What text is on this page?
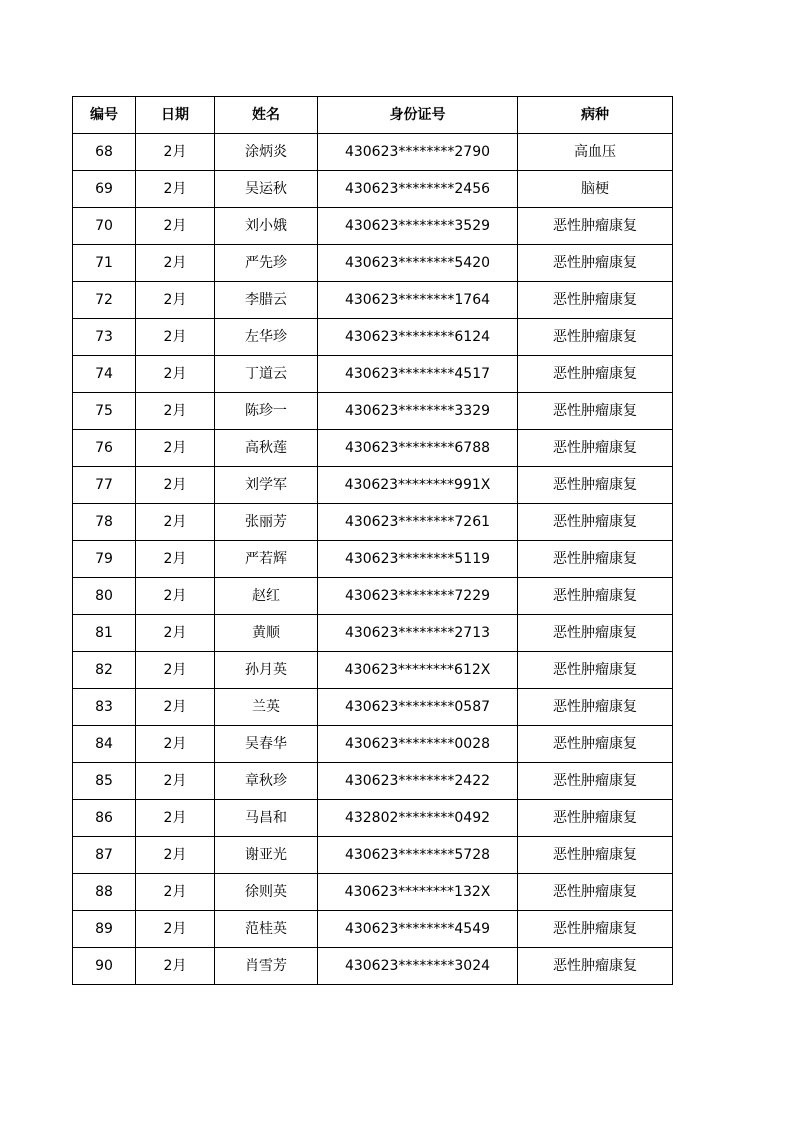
编号	日期	姓名	身份证号	病种
68	2月	涂炳炎	430623********2790	高血压
69	2月	吴运秋	430623********2456	脑梗
70	2月	刘小娥	430623********3529	恶性肿瘤康复
71	2月	严先珍	430623********5420	恶性肿瘤康复
72	2月	李腊云	430623********1764	恶性肿瘤康复
73	2月	左华珍	430623********6124	恶性肿瘤康复
74	2月	丁道云	430623********4517	恶性肿瘤康复
75	2月	陈珍一	430623********3329	恶性肿瘤康复
76	2月	高秋莲	430623********6788	恶性肿瘤康复
77	2月	刘学军	430623********991X	恶性肿瘤康复
78	2月	张丽芳	430623********7261	恶性肿瘤康复
79	2月	严若辉	430623********5119	恶性肿瘤康复
80	2月	赵红	430623********7229	恶性肿瘤康复
81	2月	黄顺	430623********2713	恶性肿瘤康复
82	2月	孙月英	430623********612X	恶性肿瘤康复
83	2月	兰英	430623********0587	恶性肿瘤康复
84	2月	吴春华	430623********0028	恶性肿瘤康复
85	2月	章秋珍	430623********2422	恶性肿瘤康复
86	2月	马昌和	432802********0492	恶性肿瘤康复
87	2月	谢亚光	430623********5728	恶性肿瘤康复
88	2月	徐则英	430623********132X	恶性肿瘤康复
89	2月	范桂英	430623********4549	恶性肿瘤康复
90	2月	肖雪芳	430623********3024	恶性肿瘤康复
